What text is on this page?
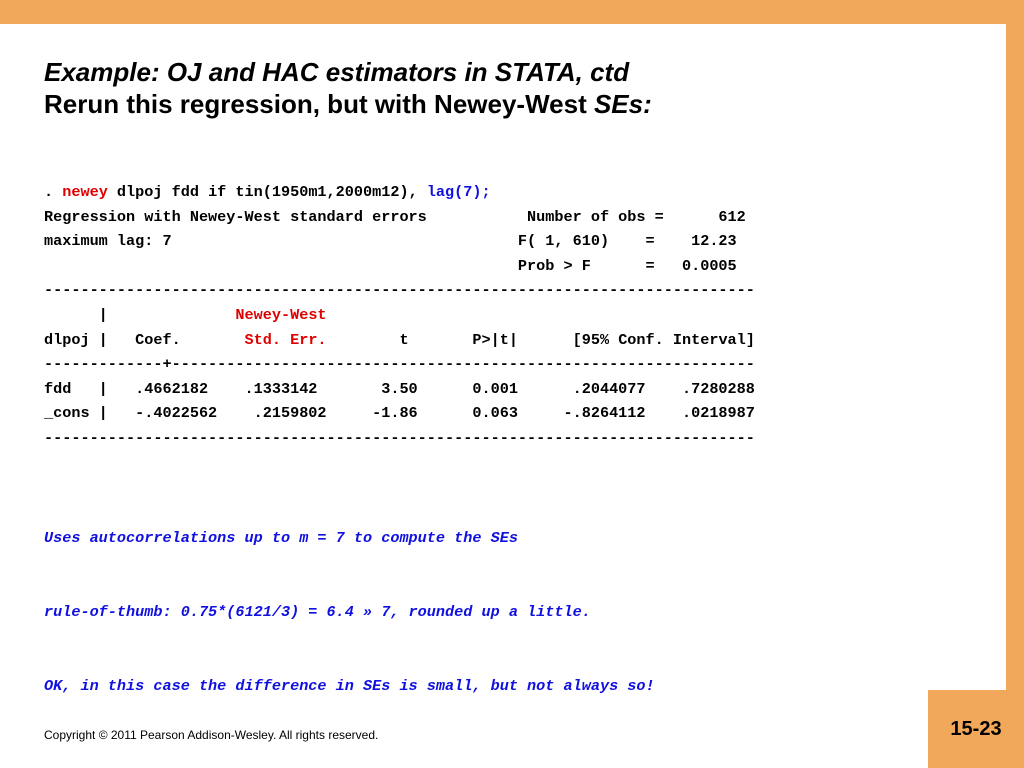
Example: OJ and HAC estimators in STATA, ctd
Rerun this regression, but with Newey-West SEs:
. newey dlpoj fdd if tin(1950m1,2000m12), lag(7);
Regression with Newey-West standard errors           Number of obs =      612
maximum lag: 7                                      F( 1, 610)    =    12.23
Prob > F      =   0.0005
------------------------------------------------------------------------------
|              Newey-West
dlpoj |   Coef.       Std. Err.        t       P>|t|      [95% Conf. Interval]
-------------+----------------------------------------------------------------
fdd   |   .4662182    .1333142       3.50      0.001      .2044077    .7280288
_cons |   -.4022562    .2159802     -1.86      0.063     -.8264112    .0218987
------------------------------------------------------------------------------

Uses autocorrelations up to m = 7 to compute the SEs

rule-of-thumb: 0.75*(6121/3) = 6.4 » 7, rounded up a little.

OK, in this case the difference in SEs is small, but not always so!

Copyright © 2011 Pearson Addison-Wesley. All rights reserved.	15-23
